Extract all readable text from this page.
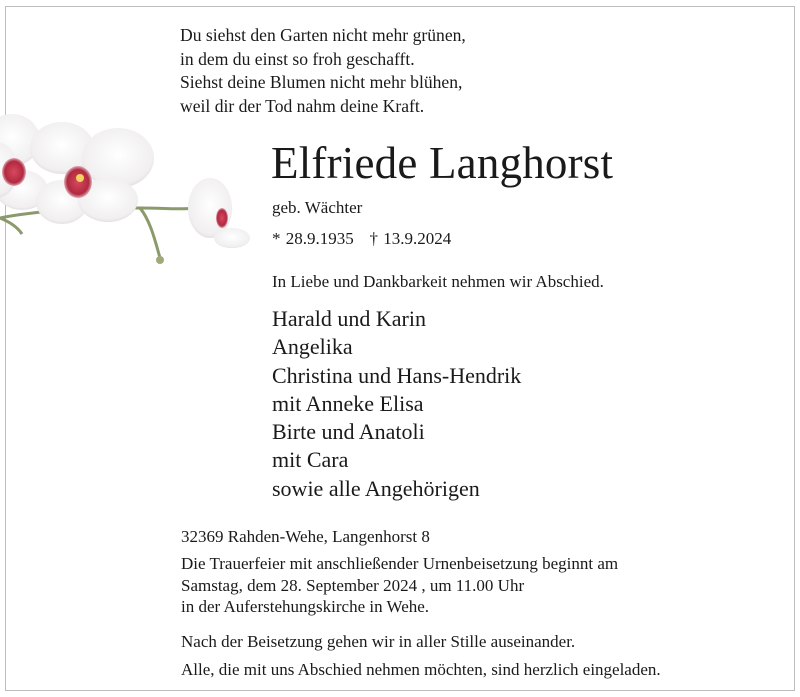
Du siehst den Garten nicht mehr grünen,
in dem du einst so froh geschafft.
Siehst deine Blumen nicht mehr blühen,
weil dir der Tod nahm deine Kraft.
Elfriede Langhorst
geb. Wächter
* 28.9.1935 † 13.9.2024
In Liebe und Dankbarkeit nehmen wir Abschied.
Harald und Karin
Angelika
Christina und Hans-Hendrik
mit Anneke Elisa
Birte und Anatoli
mit Cara
sowie alle Angehörigen
32369 Rahden-Wehe, Langenhorst 8
Die Trauerfeier mit anschließender Urnenbeisetzung beginnt am
Samstag, dem 28. September 2024 , um 11.00 Uhr
in der Auferstehungskirche in Wehe.
Nach der Beisetzung gehen wir in aller Stille auseinander.
Alle, die mit uns Abschied nehmen möchten, sind herzlich eingeladen.
